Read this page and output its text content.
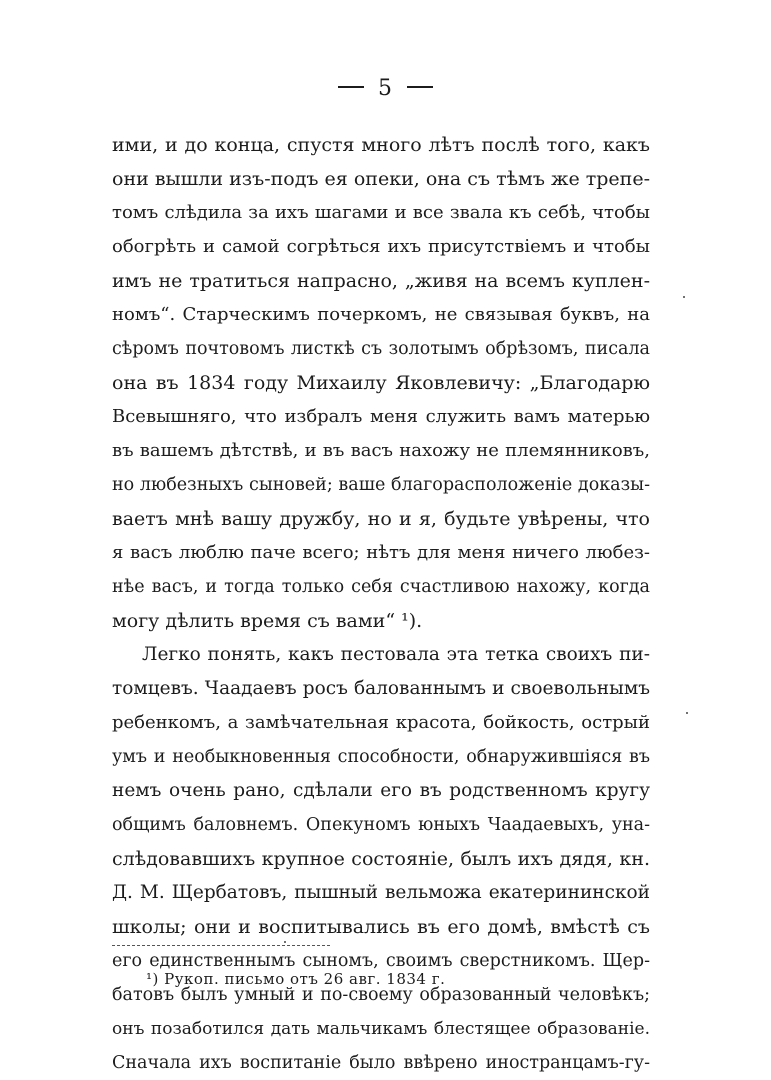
5
ими, и до конца, спустя много лѣтъ послѣ того, какъ
они вышли изъ-подъ ея опеки, она съ тѣмъ же трепе-
томъ слѣдила за ихъ шагами и все звала къ себѣ, чтобы
обогрѣть и самой согрѣться ихъ присутствіемъ и чтобы
имъ не тратиться напрасно, „живя на всемъ куплен-
номъ“. Старческимъ почеркомъ, не связывая буквъ, на
сѣромъ почтовомъ листкѣ съ золотымъ обрѣзомъ, писала
она въ 1834 году Михаилу Яковлевичу: „Благодарю
Всевышняго, что избралъ меня служить вамъ матерью
въ вашемъ дѣтствѣ, и въ васъ нахожу не племянниковъ,
но любезныхъ сыновей; ваше благорасположеніе доказы-
ваетъ мнѣ вашу дружбу, но и я, будьте увѣрены, что
я васъ люблю паче всего; нѣтъ для меня ничего любез-
нѣе васъ, и тогда только себя счастливою нахожу, когда
могу дѣлить время съ вами“ ¹).
Легко понять, какъ пестовала эта тетка своихъ пи-
томцевъ. Чаадаевъ росъ балованнымъ и своевольнымъ
ребенкомъ, а замѣчательная красота, бойкость, острый
умъ и необыкновенныя способности, обнаружившіяся въ
немъ очень рано, сдѣлали его въ родственномъ кругу
общимъ баловнемъ. Опекуномъ юныхъ Чаадаевыхъ, уна-
слѣдовавшихъ крупное состояніе, былъ ихъ дядя, кн.
Д. М. Щербатовъ, пышный вельможа екатерининской
школы; они и воспитывались въ его домѣ, вмѣстѣ съ
его единственнымъ сыномъ, своимъ сверстникомъ. Щер-
батовъ былъ умный и по-своему образованный человѣкъ;
онъ позаботился дать мальчикамъ блестящее образованіе.
Сначала ихъ воспитаніе было ввѣрено иностранцамъ-гу-
¹) Рукоп. письмо отъ 26 авг. 1834 г.
